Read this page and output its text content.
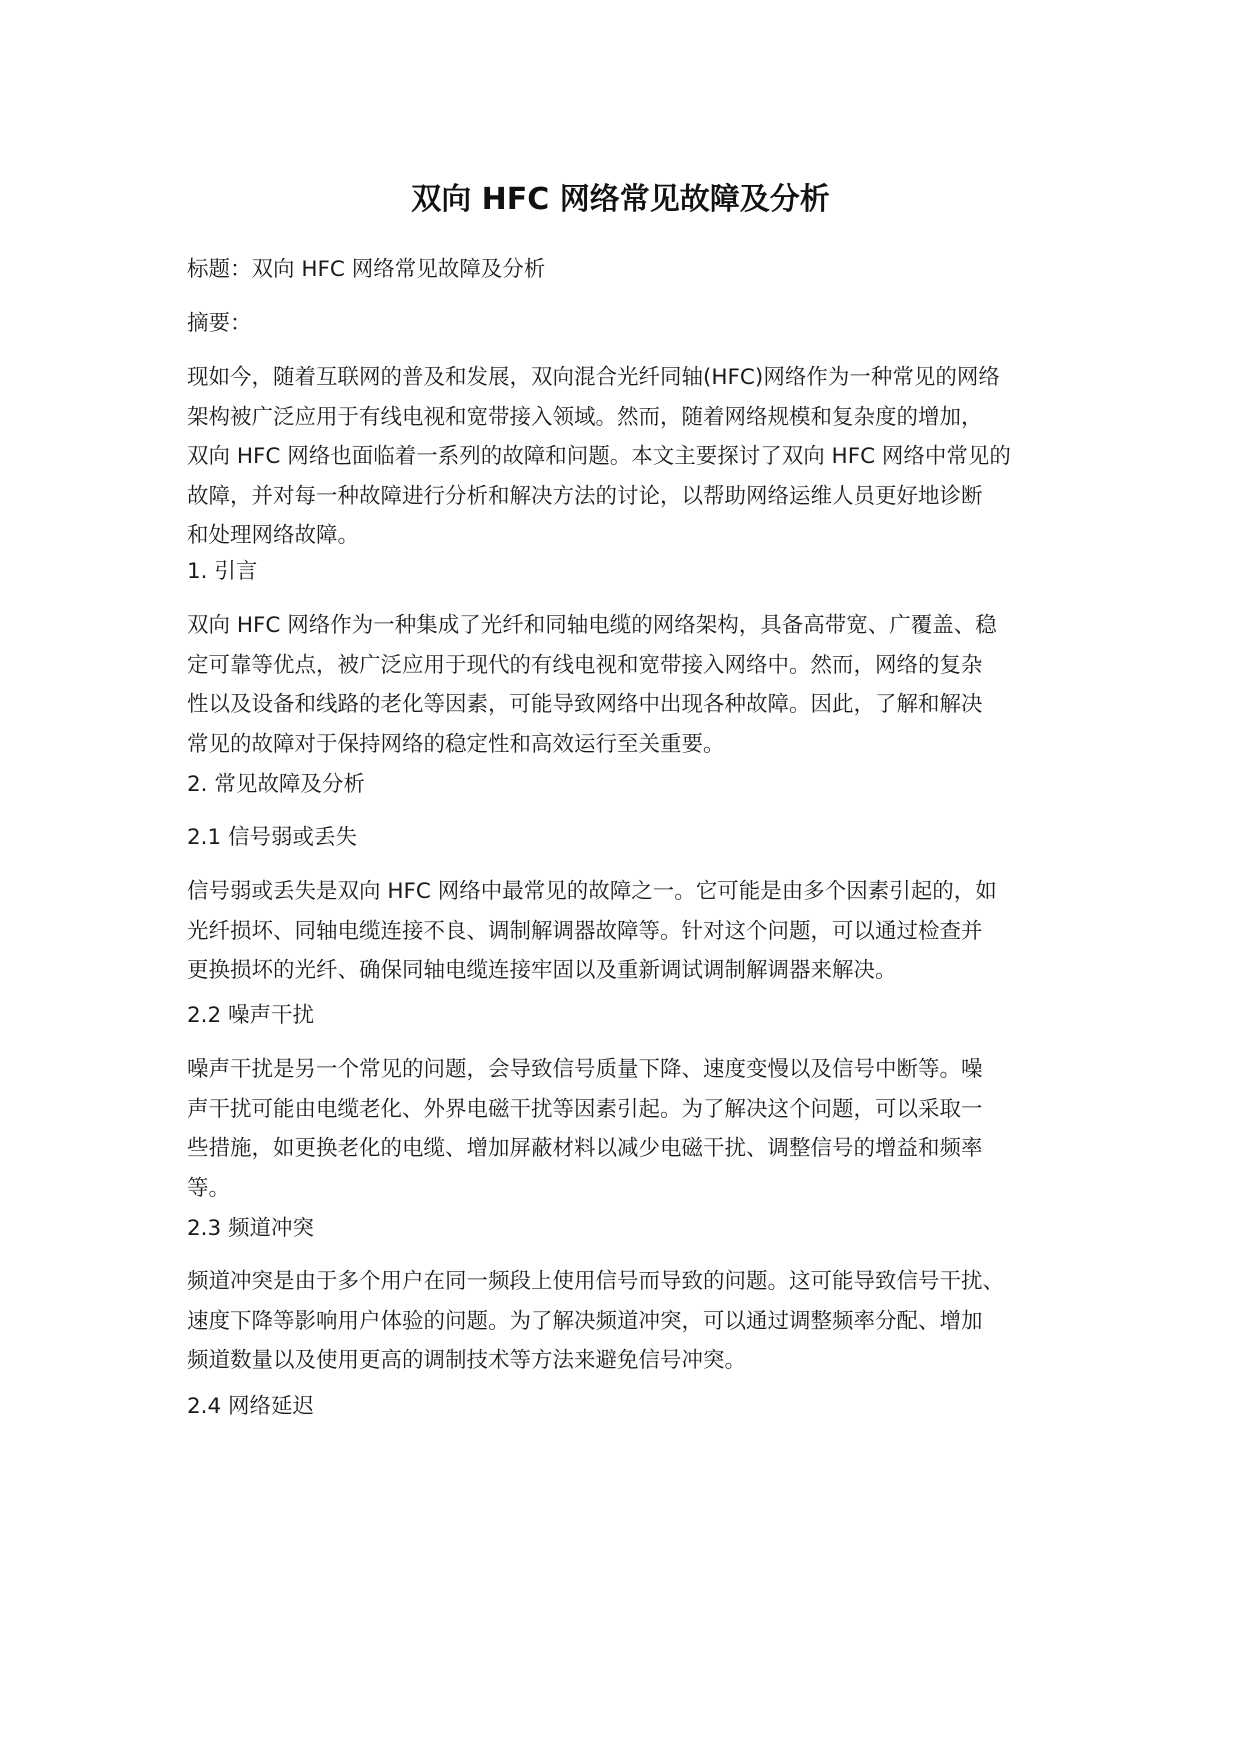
双向 HFC 网络常见故障及分析

标题：双向 HFC 网络常见故障及分析

摘要：

现如今，随着互联网的普及和发展，双向混合光纤同轴(HFC)网络作为一种常见的网络
架构被广泛应用于有线电视和宽带接入领域。然而，随着网络规模和复杂度的增加，
双向 HFC 网络也面临着一系列的故障和问题。本文主要探讨了双向 HFC 网络中常见的
故障，并对每一种故障进行分析和解决方法的讨论，以帮助网络运维人员更好地诊断
和处理网络故障。

1. 引言

双向 HFC 网络作为一种集成了光纤和同轴电缆的网络架构，具备高带宽、广覆盖、稳
定可靠等优点，被广泛应用于现代的有线电视和宽带接入网络中。然而，网络的复杂
性以及设备和线路的老化等因素，可能导致网络中出现各种故障。因此，了解和解决
常见的故障对于保持网络的稳定性和高效运行至关重要。

2. 常见故障及分析

2.1 信号弱或丢失

信号弱或丢失是双向 HFC 网络中最常见的故障之一。它可能是由多个因素引起的，如
光纤损坏、同轴电缆连接不良、调制解调器故障等。针对这个问题，可以通过检查并
更换损坏的光纤、确保同轴电缆连接牢固以及重新调试调制解调器来解决。

2.2 噪声干扰

噪声干扰是另一个常见的问题，会导致信号质量下降、速度变慢以及信号中断等。噪
声干扰可能由电缆老化、外界电磁干扰等因素引起。为了解决这个问题，可以采取一
些措施，如更换老化的电缆、增加屏蔽材料以减少电磁干扰、调整信号的增益和频率
等。

2.3 频道冲突

频道冲突是由于多个用户在同一频段上使用信号而导致的问题。这可能导致信号干扰、
速度下降等影响用户体验的问题。为了解决频道冲突，可以通过调整频率分配、增加
频道数量以及使用更高的调制技术等方法来避免信号冲突。

2.4 网络延迟
